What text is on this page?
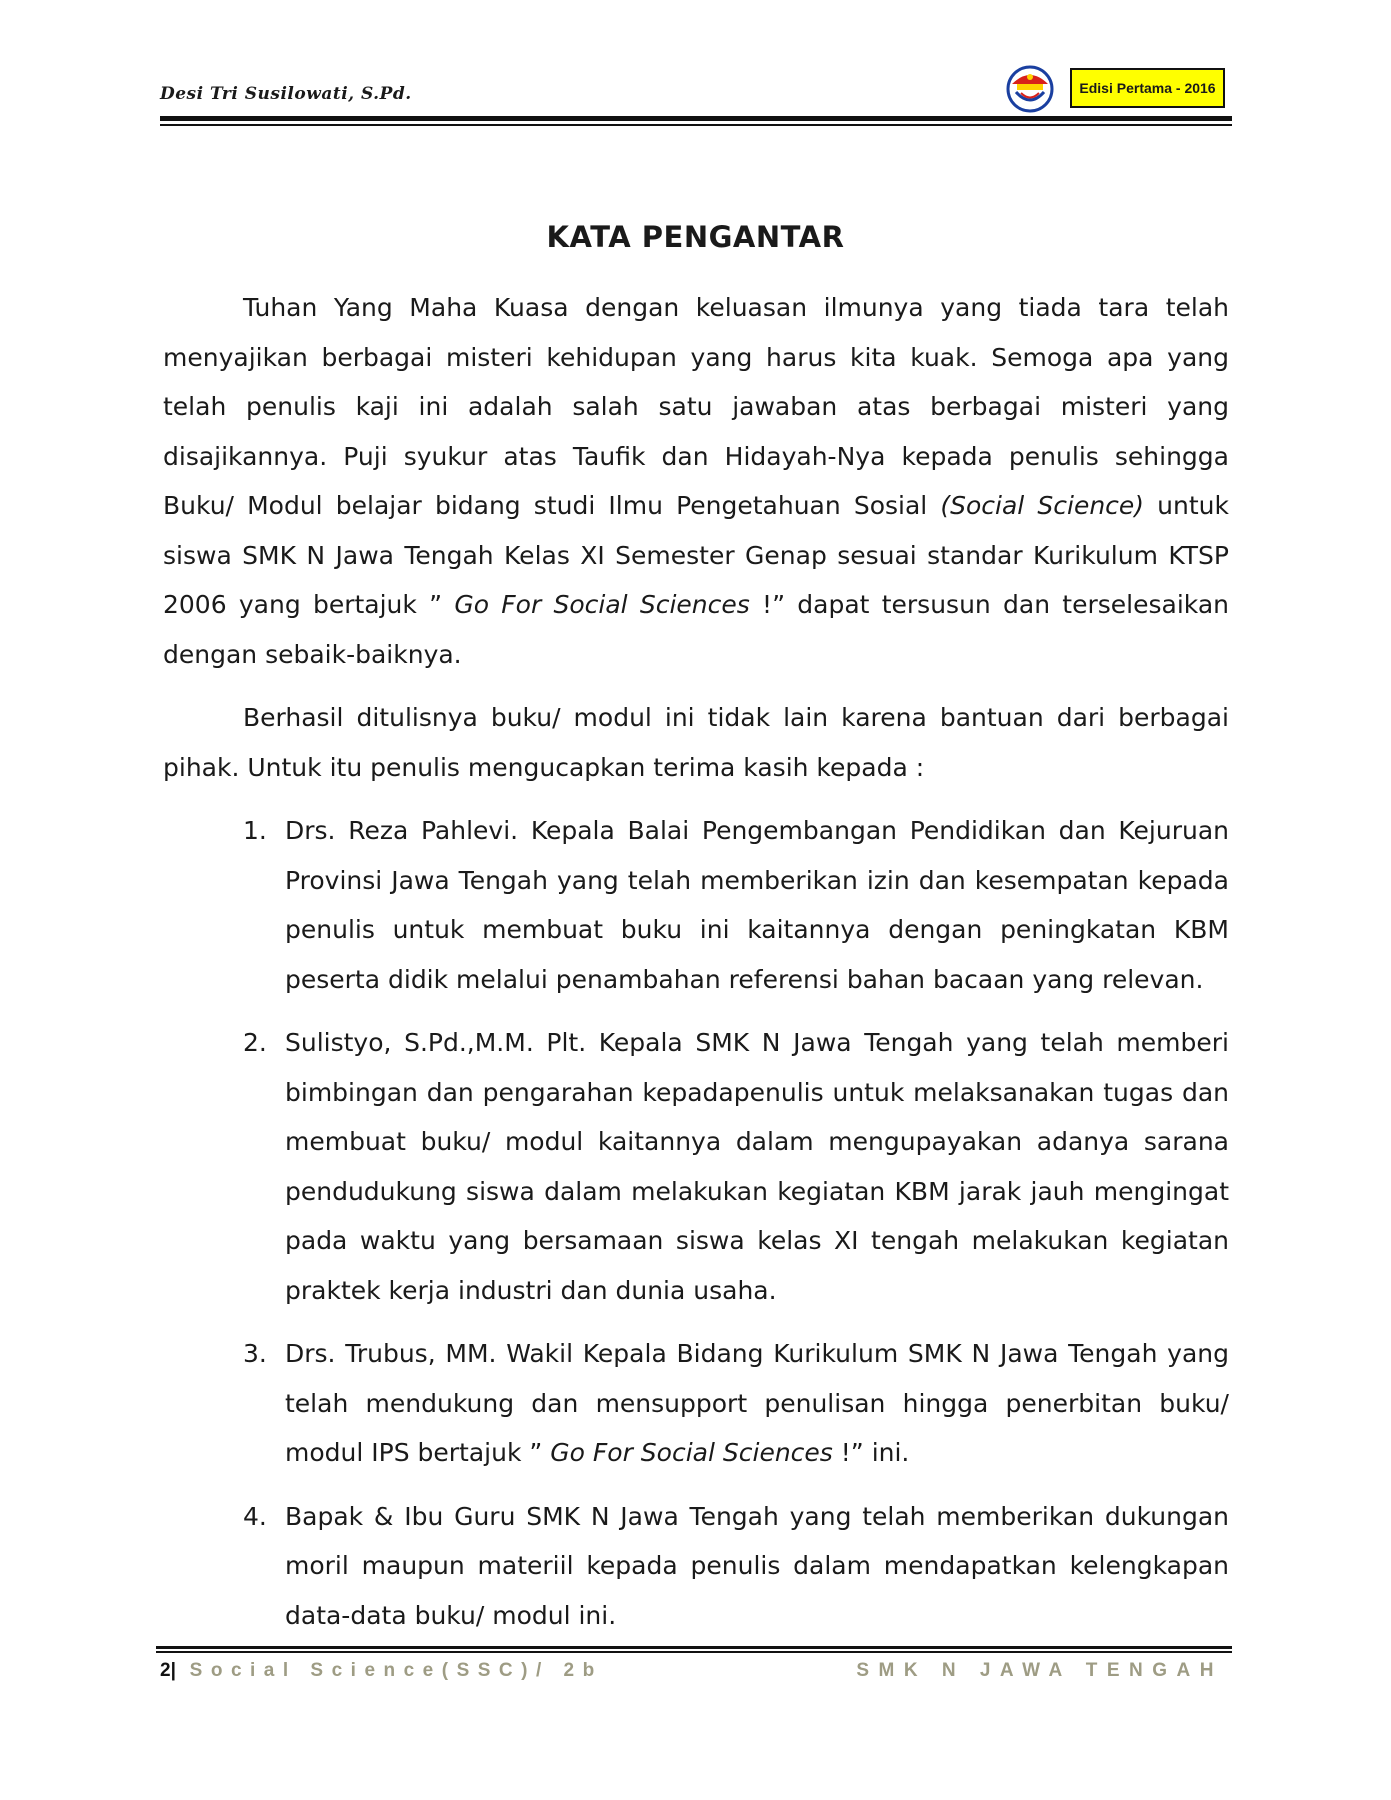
Desi Tri Susilowati, S.Pd.	Edisi Pertama - 2016
KATA PENGANTAR

Tuhan Yang Maha Kuasa dengan keluasan ilmunya yang tiada tara telah menyajikan berbagai misteri kehidupan yang harus kita kuak. Semoga apa yang telah penulis kaji ini adalah salah satu jawaban atas berbagai misteri yang disajikannya. Puji syukur atas Taufik dan Hidayah-Nya kepada penulis sehingga Buku/ Modul belajar bidang studi Ilmu Pengetahuan Sosial (Social Science) untuk siswa SMK N Jawa Tengah Kelas XI Semester Genap sesuai standar Kurikulum KTSP 2006 yang bertajuk ” Go For Social Sciences !” dapat tersusun dan terselesaikan dengan sebaik-baiknya.

Berhasil ditulisnya buku/ modul ini tidak lain karena bantuan dari berbagai pihak. Untuk itu penulis mengucapkan terima kasih kepada :

1. Drs. Reza Pahlevi. Kepala Balai Pengembangan Pendidikan dan Kejuruan Provinsi Jawa Tengah yang telah memberikan izin dan kesempatan kepada penulis untuk membuat buku ini kaitannya dengan peningkatan KBM peserta didik melalui penambahan referensi bahan bacaan yang relevan.
2. Sulistyo, S.Pd.,M.M. Plt. Kepala SMK N Jawa Tengah yang telah memberi bimbingan dan pengarahan kepadapenulis untuk melaksanakan tugas dan membuat buku/ modul kaitannya dalam mengupayakan adanya sarana pendudukung siswa dalam melakukan kegiatan KBM jarak jauh mengingat pada waktu yang bersamaan siswa kelas XI tengah melakukan kegiatan praktek kerja industri dan dunia usaha.
3. Drs. Trubus, MM. Wakil Kepala Bidang Kurikulum SMK N Jawa Tengah yang telah mendukung dan mensupport penulisan hingga penerbitan buku/ modul IPS bertajuk ” Go For Social Sciences !” ini.
4. Bapak & Ibu Guru SMK N Jawa Tengah yang telah memberikan dukungan moril maupun materiil kepada penulis dalam mendapatkan kelengkapan data-data buku/ modul ini.
2| Social Science(SSC)/ 2b	SMK N JAWA TENGAH
